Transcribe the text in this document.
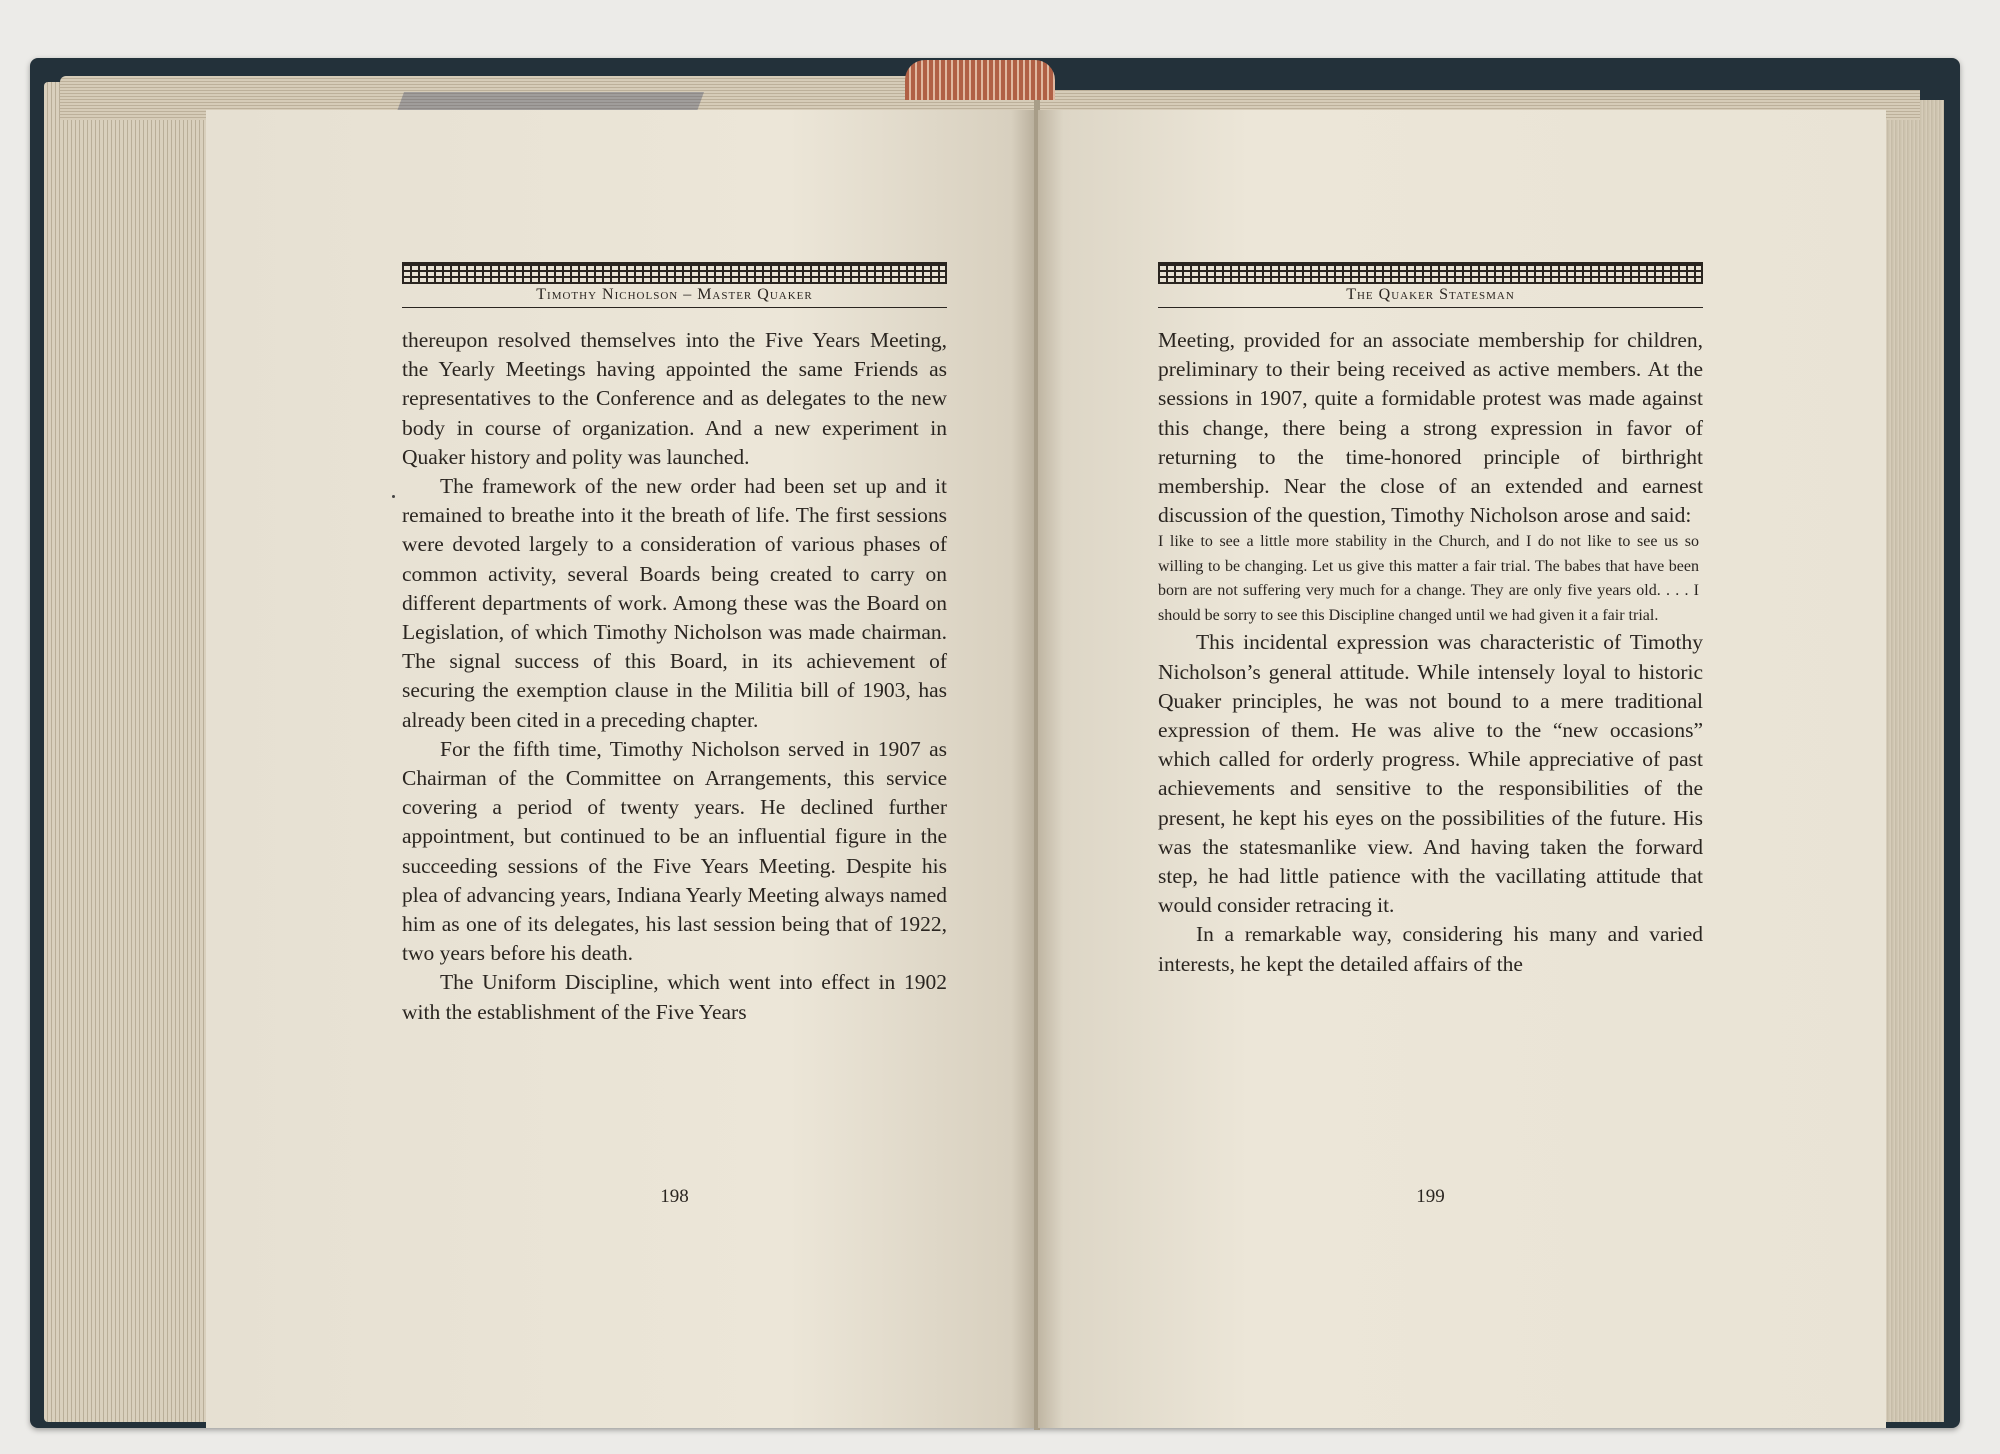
Timothy Nicholson – Master Quaker

thereupon resolved themselves into the Five Years Meeting, the Yearly Meetings having appointed the same Friends as representatives to the Conference and as delegates to the new body in course of organization. And a new experiment in Quaker history and polity was launched.

The framework of the new order had been set up and it remained to breathe into it the breath of life. The first sessions were devoted largely to a consideration of various phases of common activity, several Boards being created to carry on different departments of work. Among these was the Board on Legislation, of which Timothy Nicholson was made chairman. The signal success of this Board, in its achievement of securing the exemption clause in the Militia bill of 1903, has already been cited in a preceding chapter.

For the fifth time, Timothy Nicholson served in 1907 as Chairman of the Committee on Arrangements, this service covering a period of twenty years. He declined further appointment, but continued to be an influential figure in the succeeding sessions of the Five Years Meeting. Despite his plea of advancing years, Indiana Yearly Meeting always named him as one of its delegates, his last session being that of 1922, two years before his death.

The Uniform Discipline, which went into effect in 1902 with the establishment of the Five Years

198
The Quaker Statesman

Meeting, provided for an associate membership for children, preliminary to their being received as active members. At the sessions in 1907, quite a formidable protest was made against this change, there being a strong expression in favor of returning to the time-honored principle of birthright membership. Near the close of an extended and earnest discussion of the question, Timothy Nicholson arose and said:

I like to see a little more stability in the Church, and I do not like to see us so willing to be changing. Let us give this matter a fair trial. The babes that have been born are not suffering very much for a change. They are only five years old. . . . I should be sorry to see this Discipline changed until we had given it a fair trial.

This incidental expression was characteristic of Timothy Nicholson’s general attitude. While intensely loyal to historic Quaker principles, he was not bound to a mere traditional expression of them. He was alive to the “new occasions” which called for orderly progress. While appreciative of past achievements and sensitive to the responsibilities of the present, he kept his eyes on the possibilities of the future. His was the statesmanlike view. And having taken the forward step, he had little patience with the vacillating attitude that would consider retracing it.

In a remarkable way, considering his many and varied interests, he kept the detailed affairs of the

199
